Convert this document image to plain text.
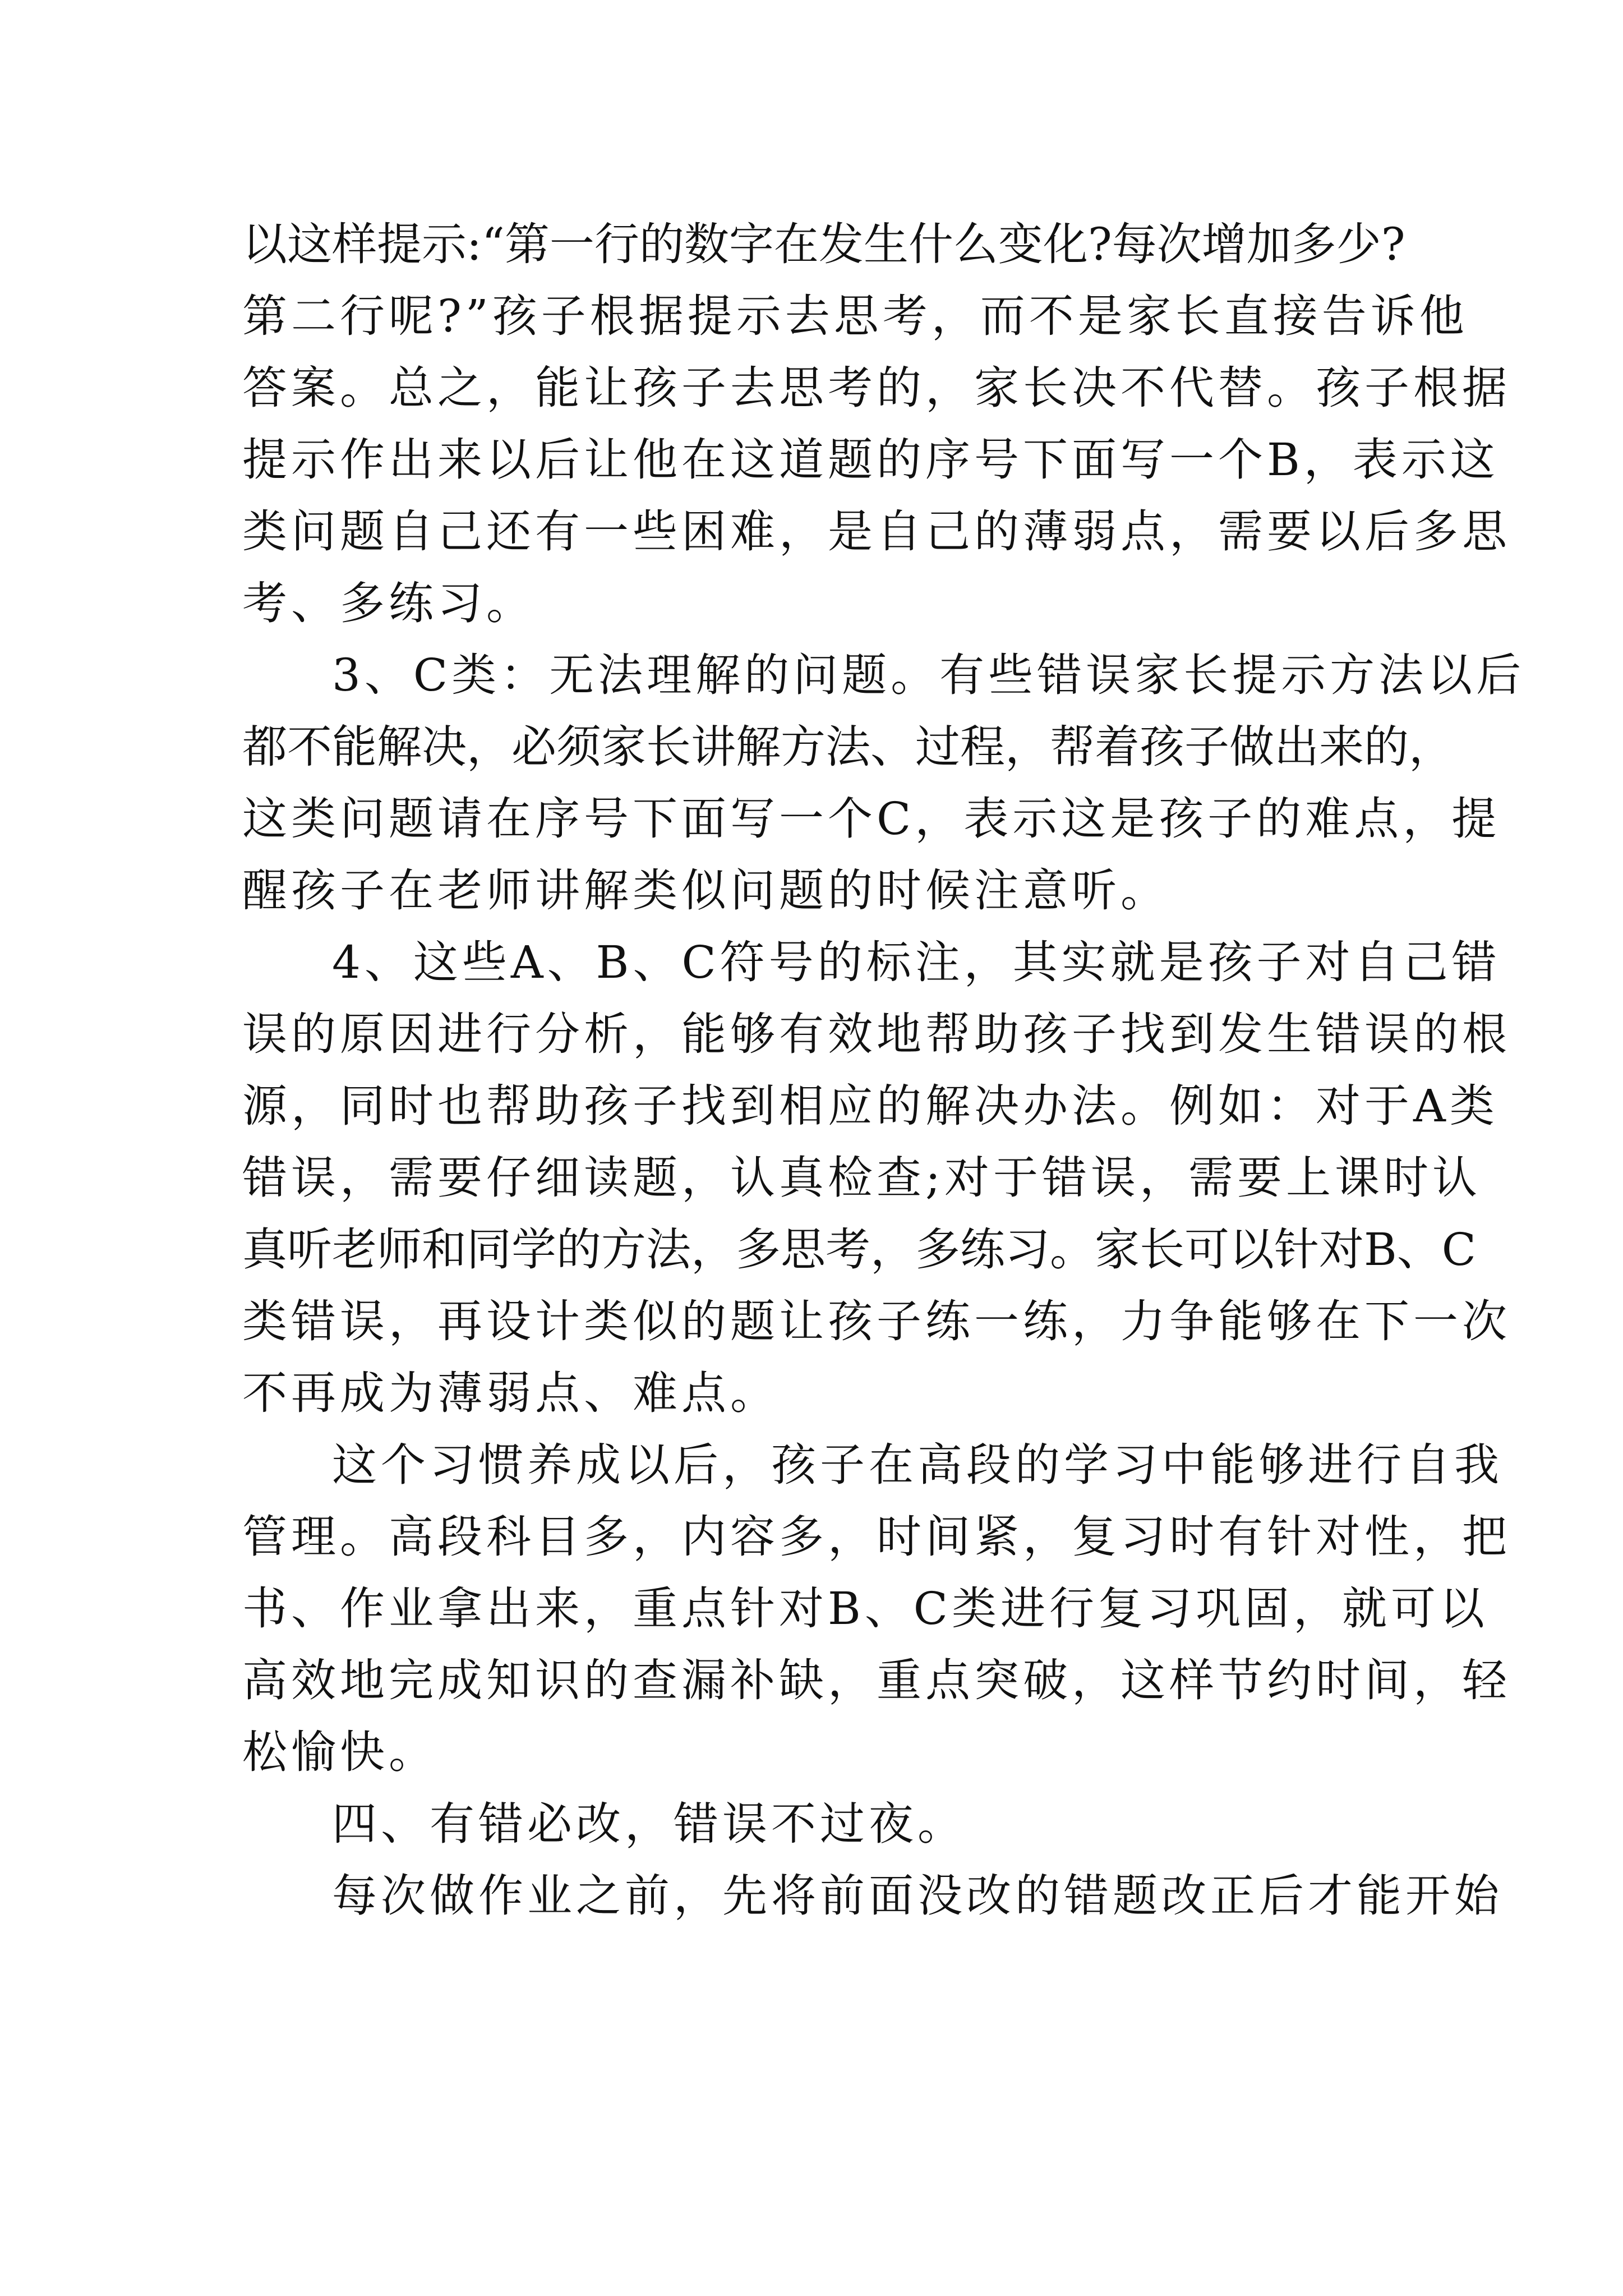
以这样提示:“第一行的数字在发生什么变化?每次增加多少?
第二行呢?”孩子根据提示去思考，而不是家长直接告诉他
答案。总之，能让孩子去思考的，家长决不代替。孩子根据
提示作出来以后让他在这道题的序号下面写一个B，表示这
类问题自己还有一些困难，是自己的薄弱点，需要以后多思
考、多练习。
3、C类：无法理解的问题。有些错误家长提示方法以后
都不能解决，必须家长讲解方法、过程，帮着孩子做出来的，
这类问题请在序号下面写一个C，表示这是孩子的难点，提
醒孩子在老师讲解类似问题的时候注意听。
4、这些A、B、C符号的标注，其实就是孩子对自己错
误的原因进行分析，能够有效地帮助孩子找到发生错误的根
源，同时也帮助孩子找到相应的解决办法。例如：对于A类
错误，需要仔细读题，认真检查;对于错误，需要上课时认
真听老师和同学的方法，多思考，多练习。家长可以针对B、C
类错误，再设计类似的题让孩子练一练，力争能够在下一次
不再成为薄弱点、难点。
这个习惯养成以后，孩子在高段的学习中能够进行自我
管理。高段科目多，内容多，时间紧，复习时有针对性，把
书、作业拿出来，重点针对B、C类进行复习巩固，就可以
高效地完成知识的查漏补缺，重点突破，这样节约时间，轻
松愉快。
四、有错必改，错误不过夜。
每次做作业之前，先将前面没改的错题改正后才能开始
